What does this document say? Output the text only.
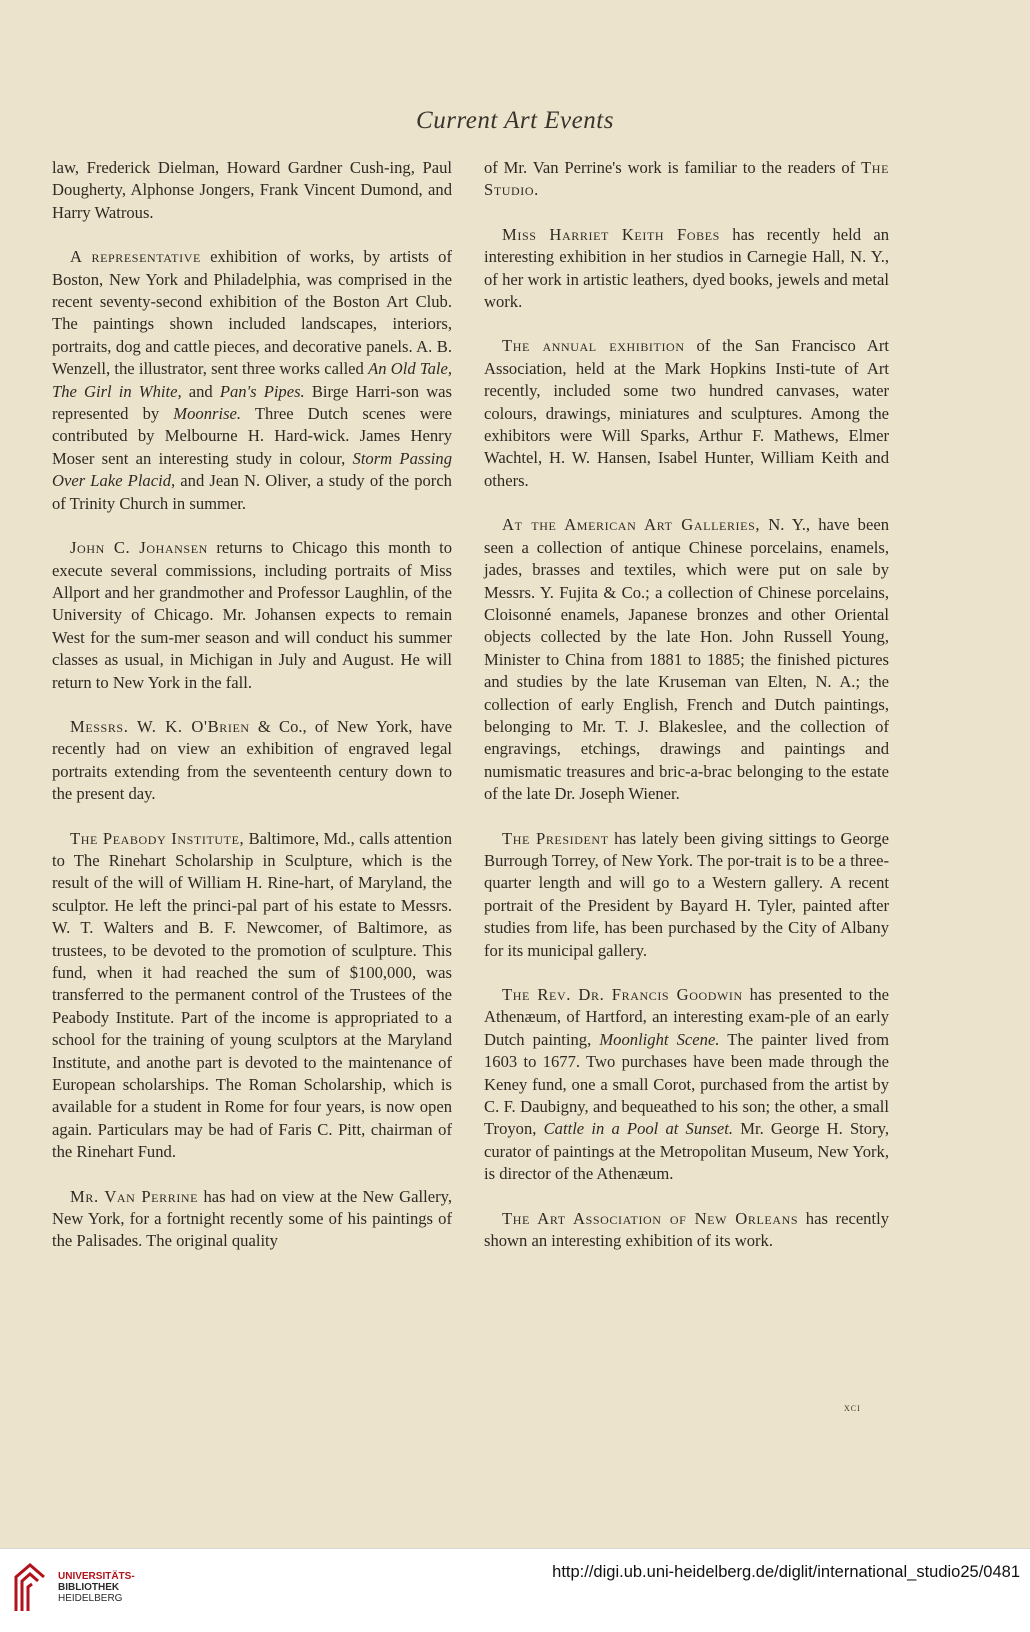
Current Art Events

law, Frederick Dielman, Howard Gardner Cush-ing, Paul Dougherty, Alphonse Jongers, Frank Vincent Dumond, and Harry Watrous.

A representative exhibition of works, by artists of Boston, New York and Philadelphia, was comprised in the recent seventy-second exhibition of the Boston Art Club. The paintings shown included landscapes, interiors, portraits, dog and cattle pieces, and decorative panels. A. B. Wenzell, the illustrator, sent three works called An Old Tale, The Girl in White, and Pan's Pipes. Birge Harri-son was represented by Moonrise. Three Dutch scenes were contributed by Melbourne H. Hard-wick. James Henry Moser sent an interesting study in colour, Storm Passing Over Lake Placid, and Jean N. Oliver, a study of the porch of Trinity Church in summer.

John C. Johansen returns to Chicago this month to execute several commissions, including portraits of Miss Allport and her grandmother and Professor Laughlin, of the University of Chicago. Mr. Johansen expects to remain West for the sum-mer season and will conduct his summer classes as usual, in Michigan in July and August. He will return to New York in the fall.

Messrs. W. K. O'Brien & Co., of New York, have recently had on view an exhibition of engraved legal portraits extending from the seventeenth century down to the present day.

The Peabody Institute, Baltimore, Md., calls attention to The Rinehart Scholarship in Sculpture, which is the result of the will of William H. Rine-hart, of Maryland, the sculptor. He left the princi-pal part of his estate to Messrs. W. T. Walters and B. F. Newcomer, of Baltimore, as trustees, to be devoted to the promotion of sculpture. This fund, when it had reached the sum of $100,000, was transferred to the permanent control of the Trustees of the Peabody Institute. Part of the income is appropriated to a school for the training of young sculptors at the Maryland Institute, and anothe part is devoted to the maintenance of European scholarships. The Roman Scholarship, which is available for a student in Rome for four years, is now open again. Particulars may be had of Faris C. Pitt, chairman of the Rinehart Fund.

Mr. Van Perrine has had on view at the New Gallery, New York, for a fortnight recently some of his paintings of the Palisades. The original quality

of Mr. Van Perrine's work is familiar to the readers of The Studio.

Miss Harriet Keith Fobes has recently held an interesting exhibition in her studios in Carnegie Hall, N. Y., of her work in artistic leathers, dyed books, jewels and metal work.

The annual exhibition of the San Francisco Art Association, held at the Mark Hopkins Insti-tute of Art recently, included some two hundred canvases, water colours, drawings, miniatures and sculptures. Among the exhibitors were Will Sparks, Arthur F. Mathews, Elmer Wachtel, H. W. Hansen, Isabel Hunter, William Keith and others.

At the American Art Galleries, N. Y., have been seen a collection of antique Chinese porcelains, enamels, jades, brasses and textiles, which were put on sale by Messrs. Y. Fujita & Co.; a collection of Chinese porcelains, Cloisonné enamels, Japanese bronzes and other Oriental objects collected by the late Hon. John Russell Young, Minister to China from 1881 to 1885; the finished pictures and studies by the late Kruseman van Elten, N. A.; the collection of early English, French and Dutch paintings, belonging to Mr. T. J. Blakeslee, and the collection of engravings, etchings, drawings and paintings and numismatic treasures and bric-a-brac belonging to the estate of the late Dr. Joseph Wiener.

The President has lately been giving sittings to George Burrough Torrey, of New York. The por-trait is to be a three-quarter length and will go to a Western gallery. A recent portrait of the President by Bayard H. Tyler, painted after studies from life, has been purchased by the City of Albany for its municipal gallery.

The Rev. Dr. Francis Goodwin has presented to the Athenæum, of Hartford, an interesting exam-ple of an early Dutch painting, Moonlight Scene. The painter lived from 1603 to 1677. Two purchases have been made through the Keney fund, one a small Corot, purchased from the artist by C. F. Daubigny, and bequeathed to his son; the other, a small Troyon, Cattle in a Pool at Sunset. Mr. George H. Story, curator of paintings at the Metropolitan Museum, New York, is director of the Athenæum.

The Art Association of New Orleans has recently shown an interesting exhibition of its work.

xci
UNIVERSITÄTS-
BIBLIOTHEK
HEIDELBERG
http://digi.ub.uni-heidelberg.de/diglit/international_studio25/0481
